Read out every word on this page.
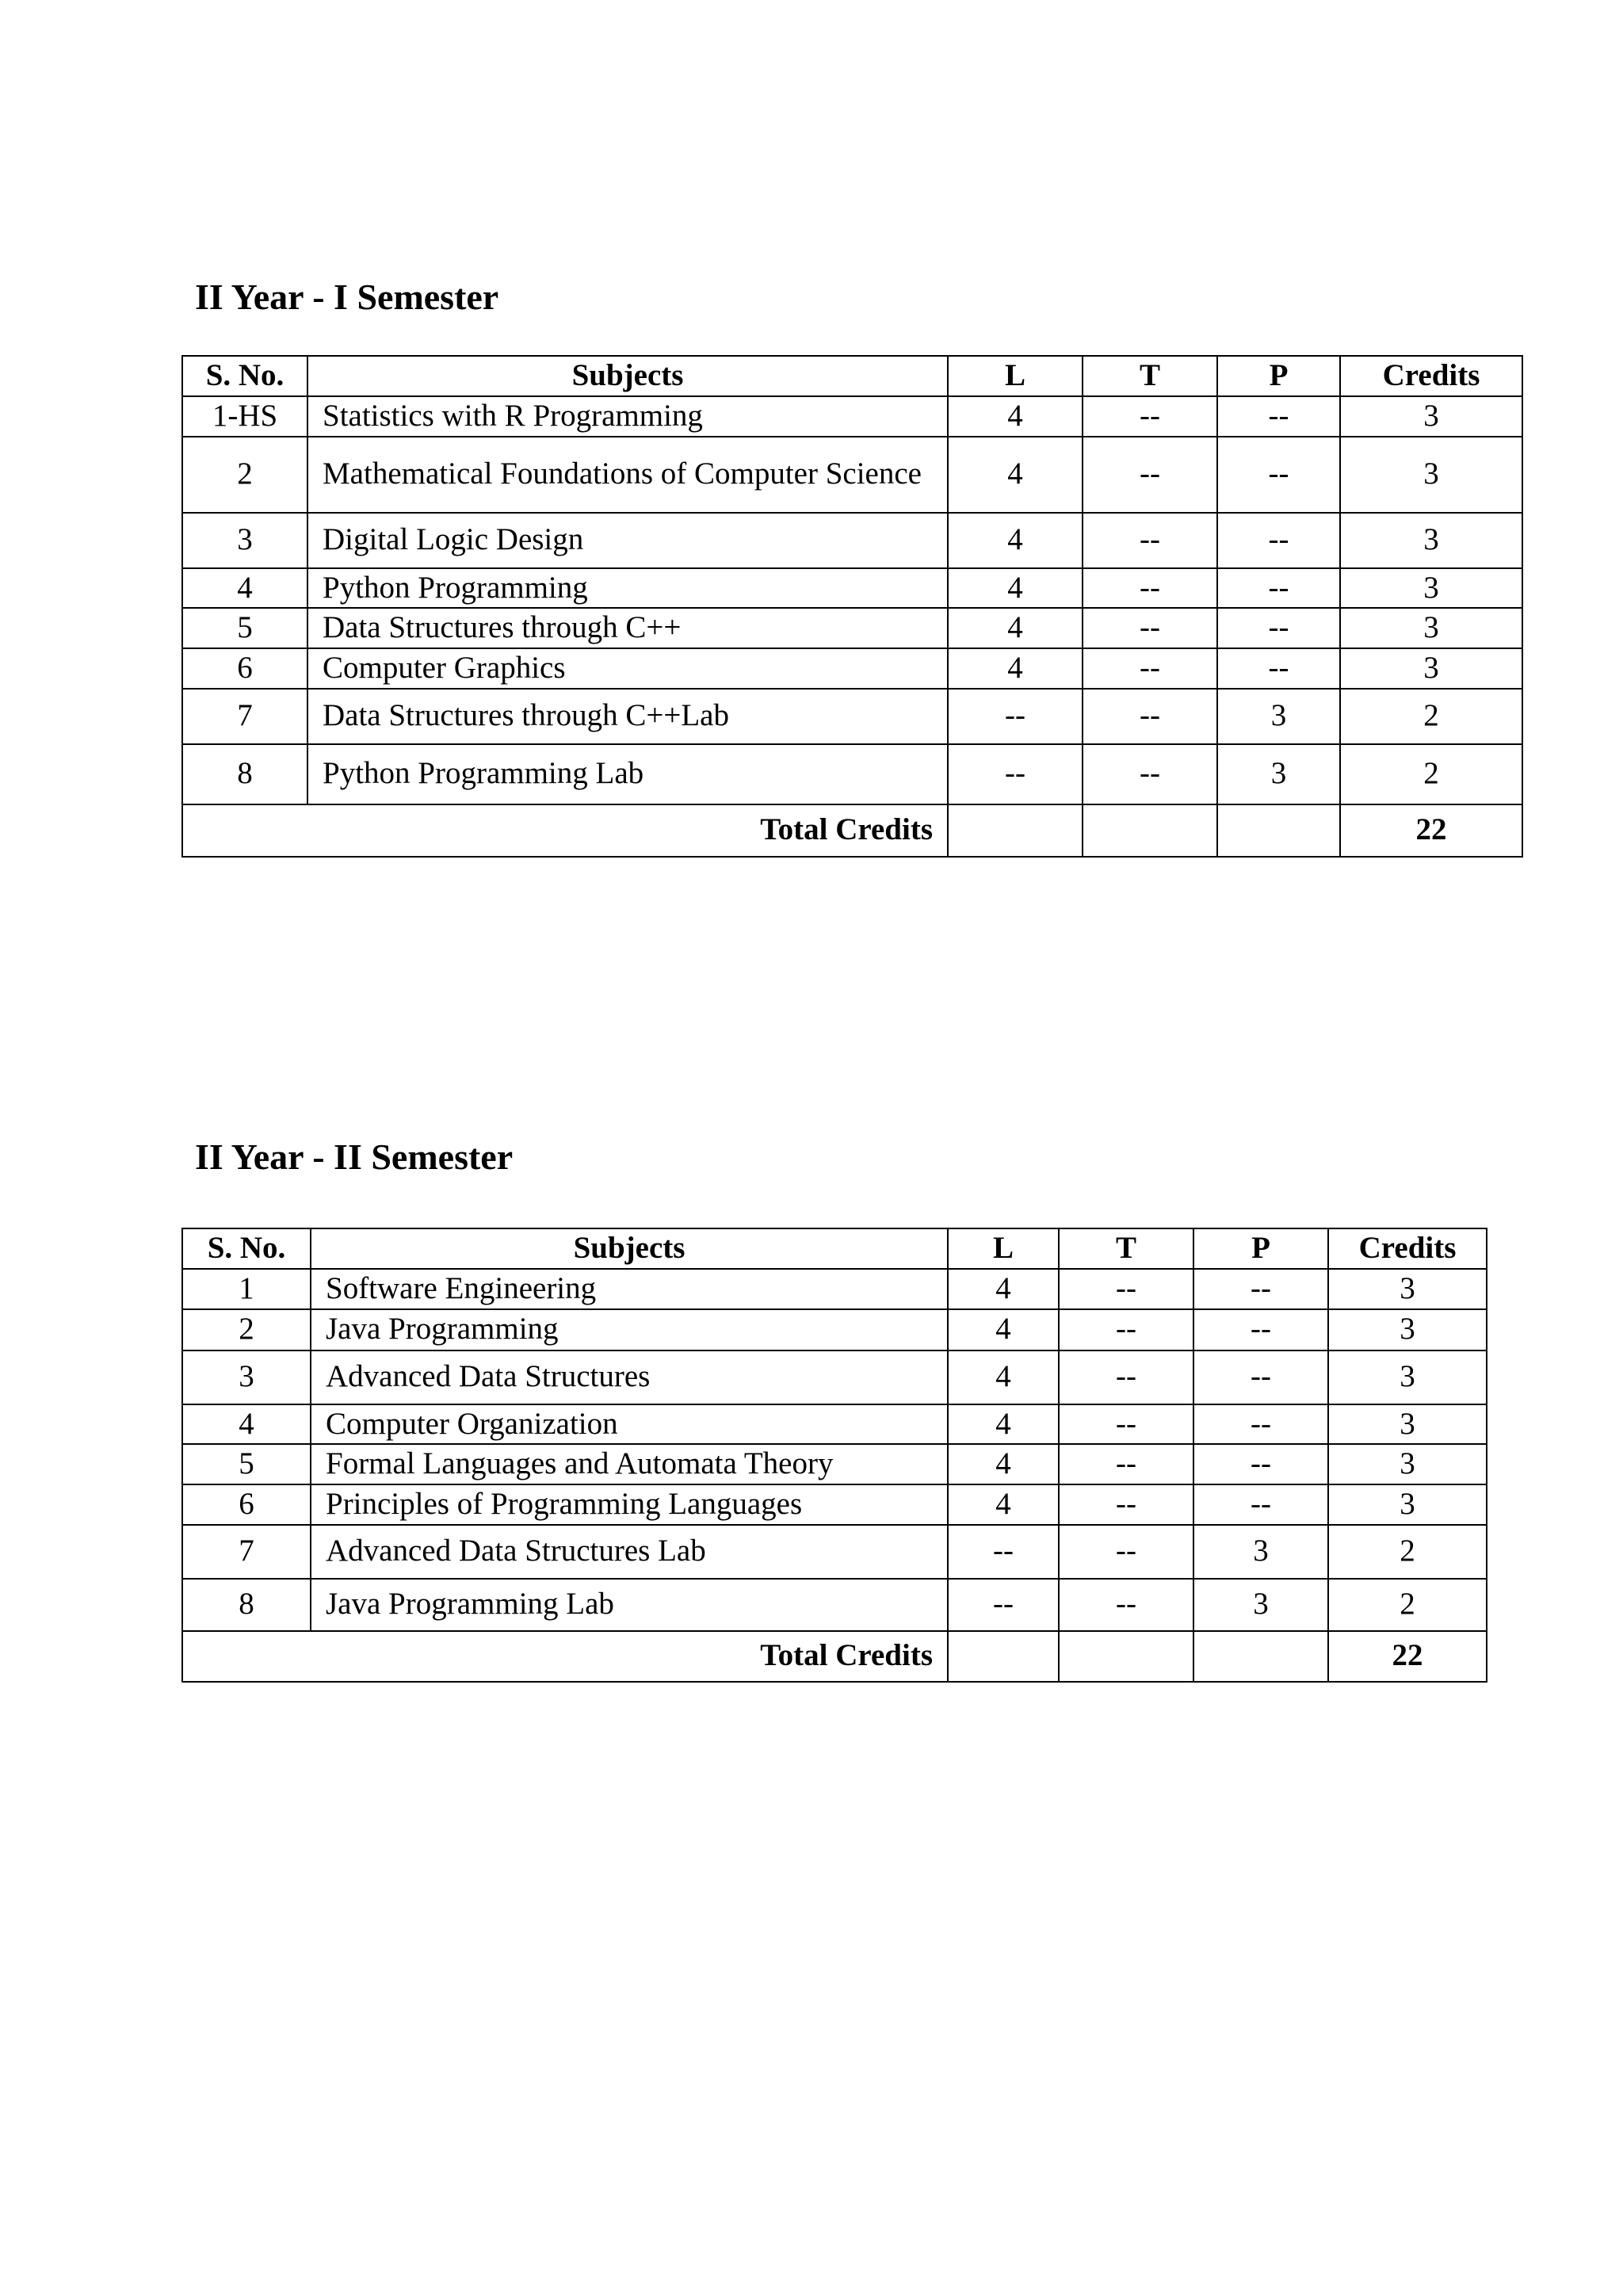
II Year - I Semester
S. No.	Subjects	L	T	P	Credits
1-HS	Statistics with R Programming	4	--	--	3
2	Mathematical Foundations of Computer Science	4	--	--	3
3	Digital Logic Design	4	--	--	3
4	Python Programming	4	--	--	3
5	Data Structures through C++	4	--	--	3
6	Computer Graphics	4	--	--	3
7	Data Structures through C++Lab	--	--	3	2
8	Python Programming Lab	--	--	3	2
Total Credits					22
II Year - II Semester
S. No.	Subjects	L	T	P	Credits
1	Software Engineering	4	--	--	3
2	Java Programming	4	--	--	3
3	Advanced Data Structures	4	--	--	3
4	Computer Organization	4	--	--	3
5	Formal Languages and Automata Theory	4	--	--	3
6	Principles of Programming Languages	4	--	--	3
7	Advanced Data Structures Lab	--	--	3	2
8	Java Programming Lab	--	--	3	2
Total Credits					22
